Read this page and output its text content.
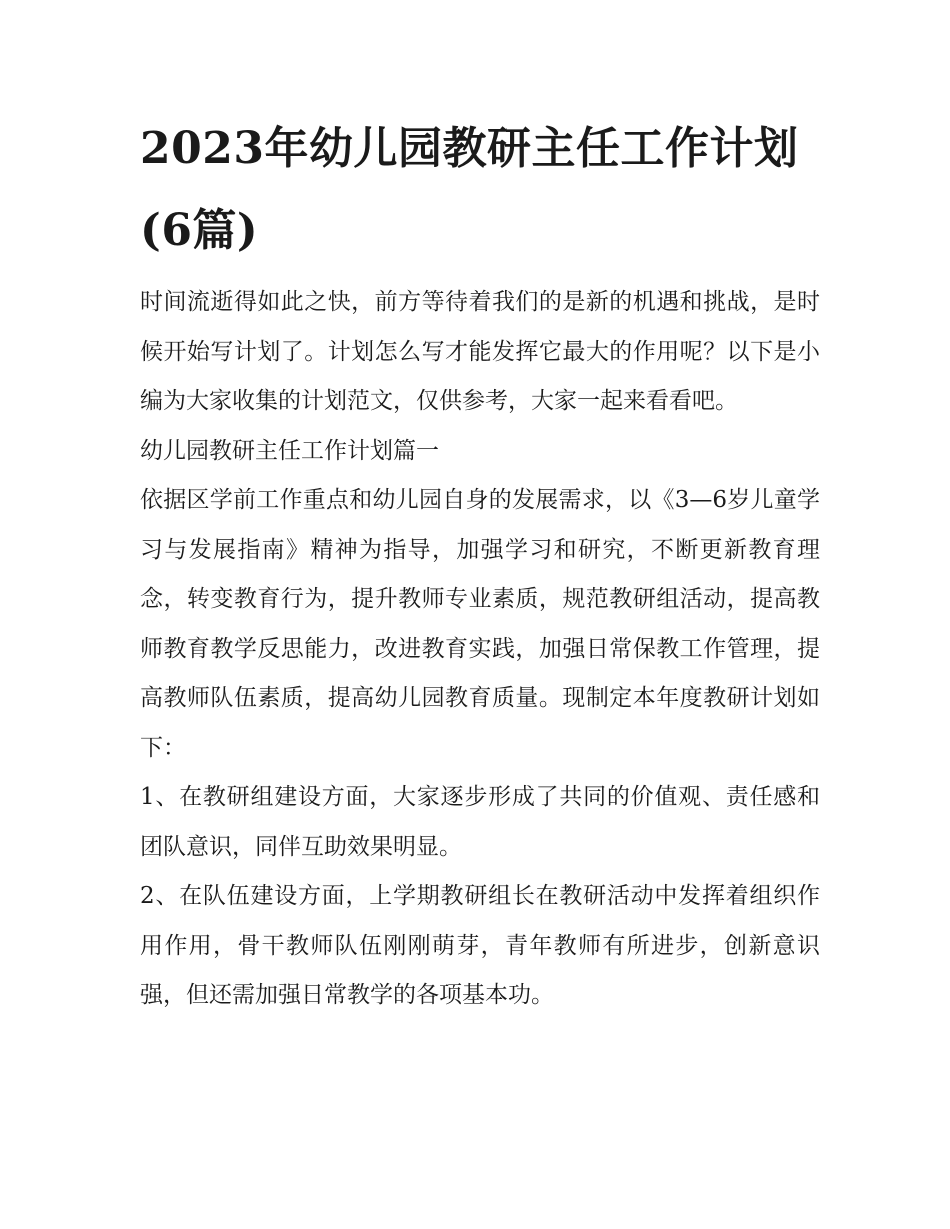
2023年幼儿园教研主任工作计划(6篇)

时间流逝得如此之快，前方等待着我们的是新的机遇和挑战，是时候开始写计划了。计划怎么写才能发挥它最大的作用呢？以下是小编为大家收集的计划范文，仅供参考，大家一起来看看吧。

幼儿园教研主任工作计划篇一

依据区学前工作重点和幼儿园自身的发展需求，以《3—6岁儿童学习与发展指南》精神为指导，加强学习和研究，不断更新教育理念，转变教育行为，提升教师专业素质，规范教研组活动，提高教师教育教学反思能力，改进教育实践，加强日常保教工作管理，提高教师队伍素质，提高幼儿园教育质量。现制定本年度教研计划如下：

1、在教研组建设方面，大家逐步形成了共同的价值观、责任感和团队意识，同伴互助效果明显。

2、在队伍建设方面，上学期教研组长在教研活动中发挥着组织作用作用，骨干教师队伍刚刚萌芽，青年教师有所进步，创新意识强，但还需加强日常教学的各项基本功。
